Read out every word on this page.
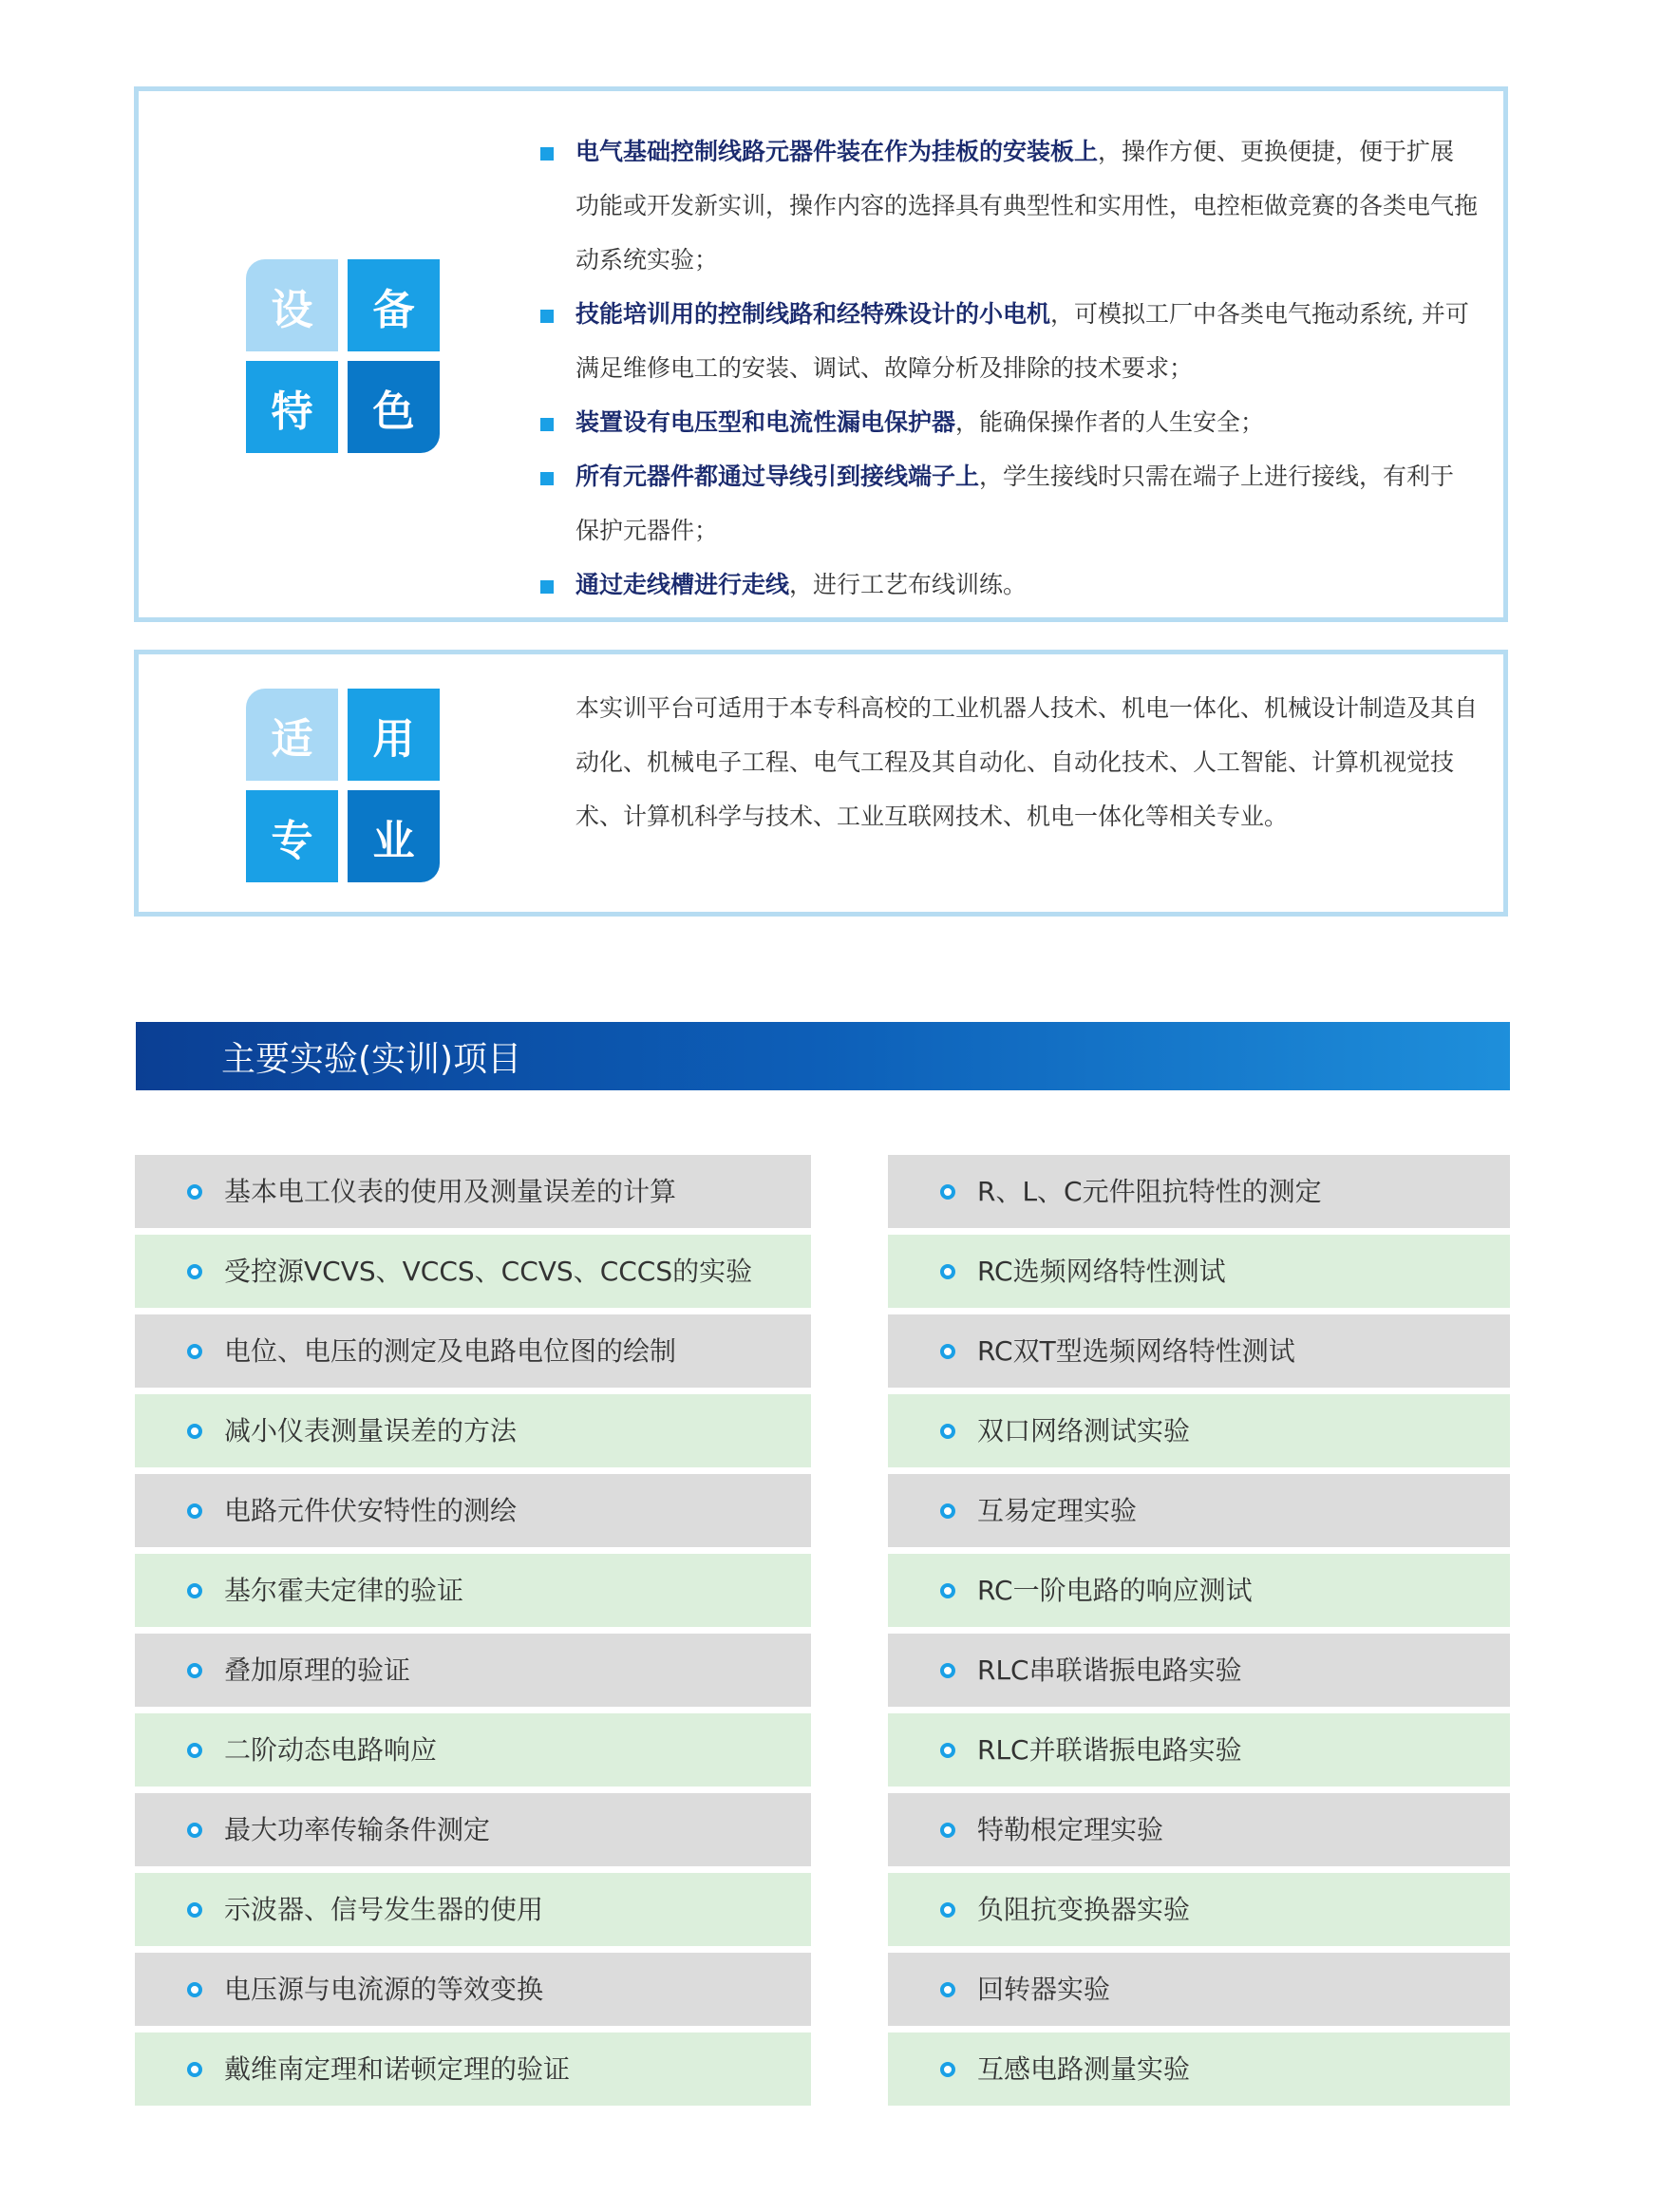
设	备
特	色
电气基础控制线路元器件装在作为挂板的安装板上，操作方便、更换便捷，便于扩展功能或开发新实训，操作内容的选择具有典型性和实用性，电控柜做竞赛的各类电气拖动系统实验；
技能培训用的控制线路和经特殊设计的小电机，可模拟工厂中各类电气拖动系统, 并可满足维修电工的安装、调试、故障分析及排除的技术要求；
装置设有电压型和电流性漏电保护器，能确保操作者的人生安全；
所有元器件都通过导线引到接线端子上，学生接线时只需在端子上进行接线，有利于保护元器件；
通过走线槽进行走线，进行工艺布线训练。
适	用
专	业

本实训平台可适用于本专科高校的工业机器人技术、机电一体化、机械设计制造及其自动化、机械电子工程、电气工程及其自动化、自动化技术、人工智能、计算机视觉技术、计算机科学与技术、工业互联网技术、机电一体化等相关专业。

主要实验(实训)项目
基本电工仪表的使用及测量误差的计算
受控源VCVS、VCCS、CCVS、CCCS的实验
电位、电压的测定及电路电位图的绘制
减小仪表测量误差的方法
电路元件伏安特性的测绘
基尔霍夫定律的验证
叠加原理的验证
二阶动态电路响应
最大功率传输条件测定
示波器、信号发生器的使用
电压源与电流源的等效变换
戴维南定理和诺顿定理的验证
R、L、C元件阻抗特性的测定
RC选频网络特性测试
RC双T型选频网络特性测试
双口网络测试实验
互易定理实验
RC一阶电路的响应测试
RLC串联谐振电路实验
RLC并联谐振电路实验
特勒根定理实验
负阻抗变换器实验
回转器实验
互感电路测量实验
